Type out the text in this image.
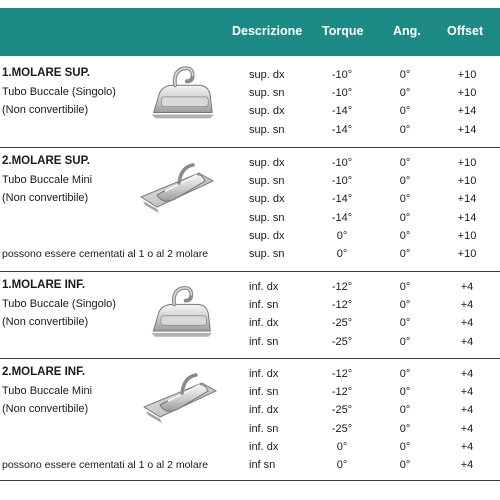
Descrizione Torque Ang. Offset
1.MOLARE SUP.
Tubo Buccale (Singolo)
(Non convertibile)
sup. dx	-10°	0°	+10
sup. sn	-10°	0°	+10
sup. dx	-14°	0°	+14
sup. sn	-14°	0°	+14
2.MOLARE SUP.
Tubo Buccale Mini
(Non convertibile)
possono essere cementati al 1 o al 2 molare
sup. dx	-10°	0°	+10
sup. sn	-10°	0°	+10
sup. dx	-14°	0°	+14
sup. sn	-14°	0°	+14
sup. dx	0°	0°	+10
sup. sn	0°	0°	+10
1.MOLARE INF.
Tubo Buccale (Singolo)
(Non convertibile)
inf. dx	-12°	0°	+4
inf. sn	-12°	0°	+4
inf. dx	-25°	0°	+4
inf. sn	-25°	0°	+4
2.MOLARE INF.
Tubo Buccale Mini
(Non convertibile)
possono essere cementati al 1 o al 2 molare
inf. dx	-12°	0°	+4
inf. sn	-12°	0°	+4
inf. dx	-25°	0°	+4
inf. sn	-25°	0°	+4
inf. dx	0°	0°	+4
inf sn	0°	0°	+4
